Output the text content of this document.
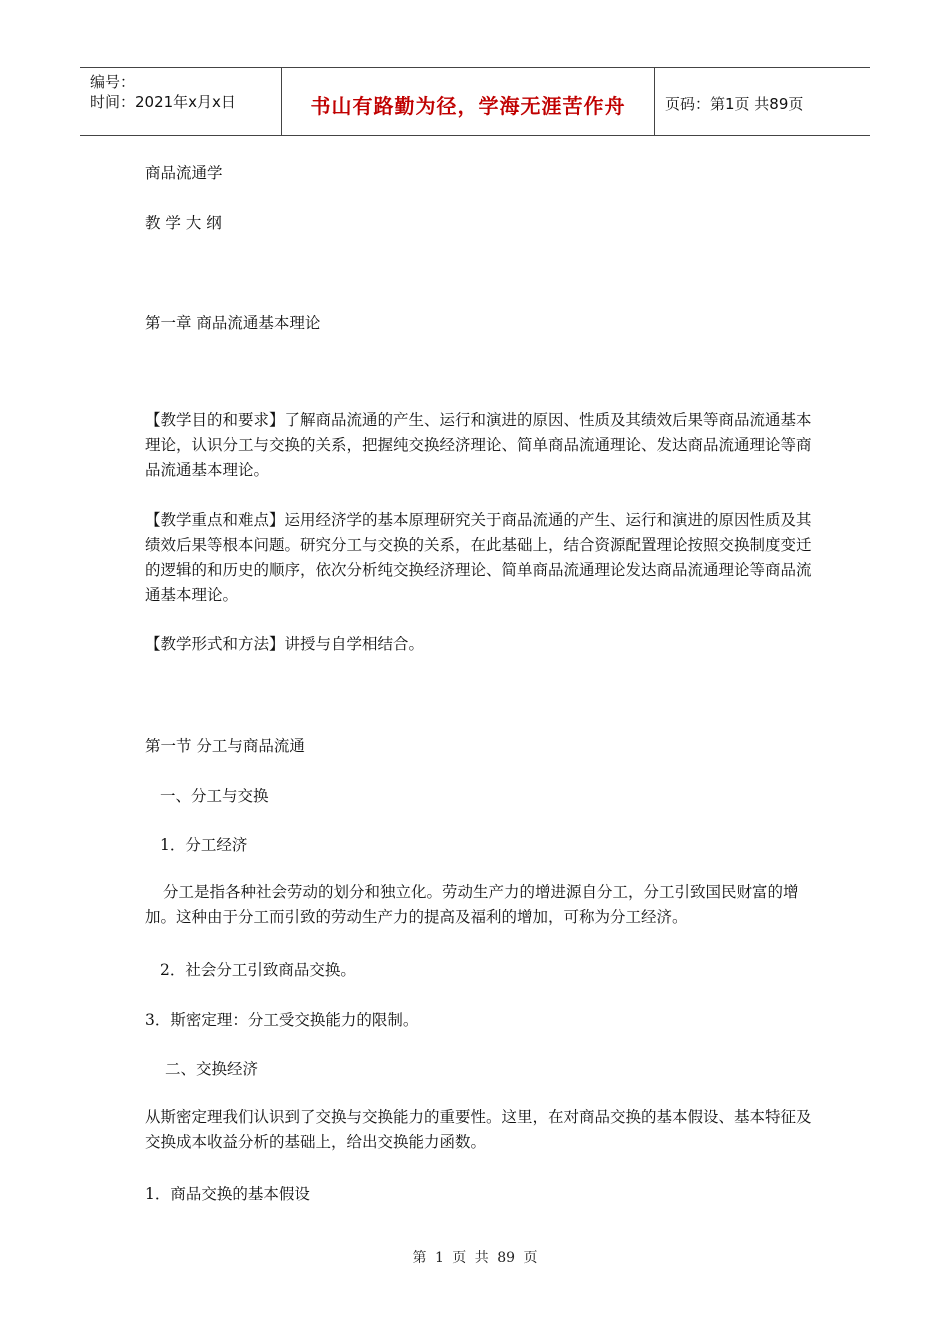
编号：
时间：2021年x月x日	书山有路勤为径，学海无涯苦作舟	页码：第1页 共89页
商品流通学
教 学 大 纲
第一章 商品流通基本理论
【教学目的和要求】了解商品流通的产生、运行和演进的原因、性质及其绩效后果等商品流通基本理论，认识分工与交换的关系，把握纯交换经济理论、简单商品流通理论、发达商品流通理论等商品流通基本理论。
【教学重点和难点】运用经济学的基本原理研究关于商品流通的产生、运行和演进的原因性质及其绩效后果等根本问题。研究分工与交换的关系，在此基础上，结合资源配置理论按照交换制度变迁的逻辑的和历史的顺序，依次分析纯交换经济理论、简单商品流通理论发达商品流通理论等商品流通基本理论。
【教学形式和方法】讲授与自学相结合。
第一节 分工与商品流通
一、分工与交换
1．分工经济
分工是指各种社会劳动的划分和独立化。劳动生产力的增进源自分工，分工引致国民财富的增加。这种由于分工而引致的劳动生产力的提高及福利的增加，可称为分工经济。
2．社会分工引致商品交换。
3．斯密定理：分工受交换能力的限制。
二、交换经济
从斯密定理我们认识到了交换与交换能力的重要性。这里，在对商品交换的基本假设、基本特征及交换成本收益分析的基础上，给出交换能力函数。
1．商品交换的基本假设
第 1 页 共 89 页
